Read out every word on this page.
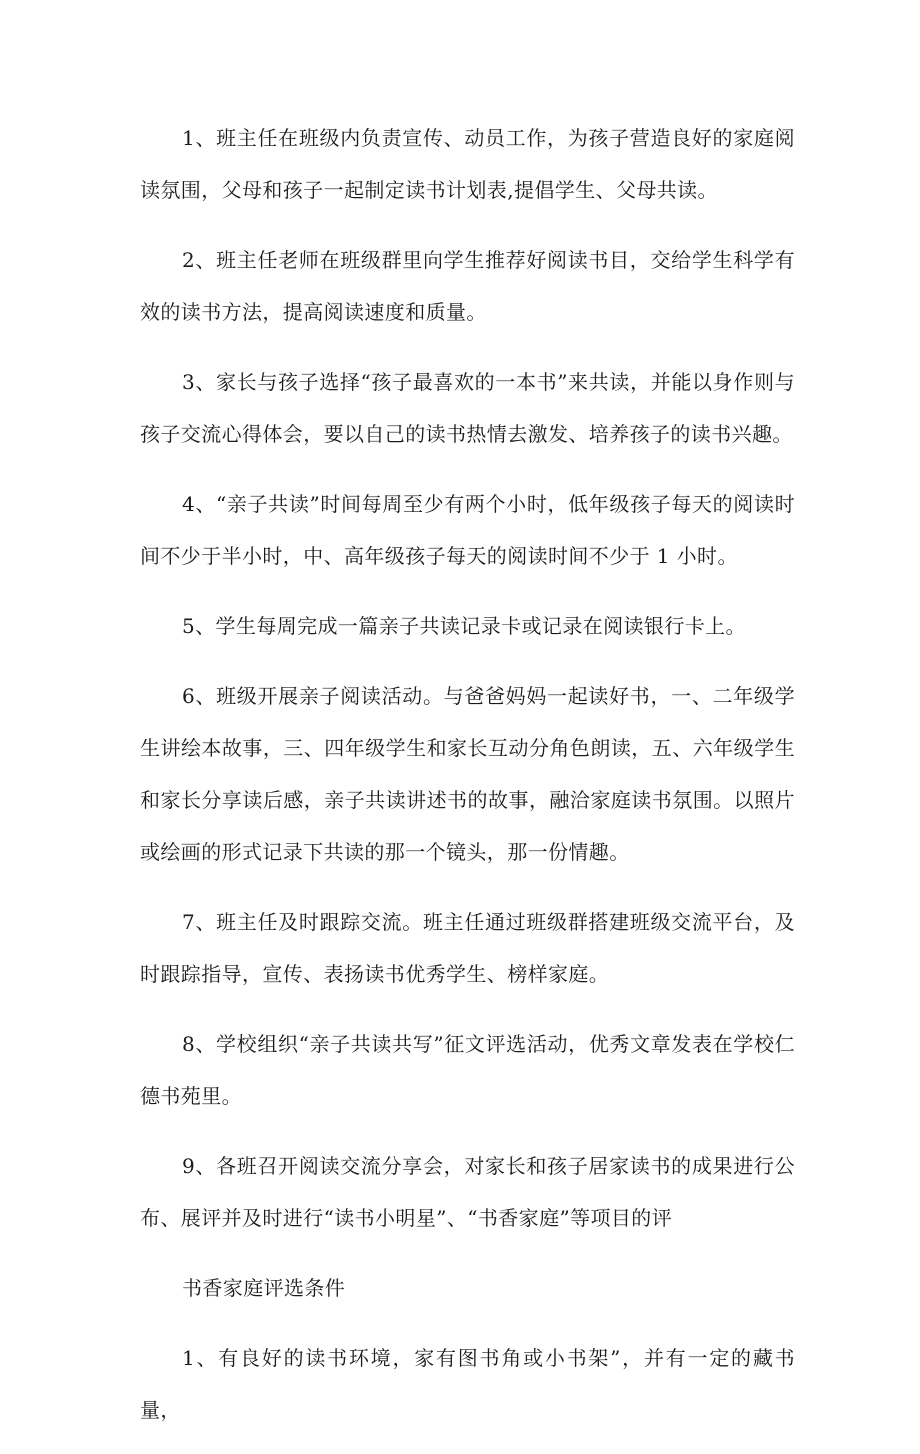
1、班主任在班级内负责宣传、动员工作，为孩子营造良好的家庭阅读氛围，父母和孩子一起制定读书计划表,提倡学生、父母共读。

2、班主任老师在班级群里向学生推荐好阅读书目，交给学生科学有效的读书方法，提高阅读速度和质量。

3、家长与孩子选择“孩子最喜欢的一本书”来共读，并能以身作则与孩子交流心得体会，要以自己的读书热情去激发、培养孩子的读书兴趣。

4、“亲子共读”时间每周至少有两个小时，低年级孩子每天的阅读时间不少于半小时，中、高年级孩子每天的阅读时间不少于 1 小时。

5、学生每周完成一篇亲子共读记录卡或记录在阅读银行卡上。

6、班级开展亲子阅读活动。与爸爸妈妈一起读好书，一、二年级学生讲绘本故事，三、四年级学生和家长互动分角色朗读，五、六年级学生和家长分享读后感，亲子共读讲述书的故事，融洽家庭读书氛围。以照片或绘画的形式记录下共读的那一个镜头，那一份情趣。

7、班主任及时跟踪交流。班主任通过班级群搭建班级交流平台，及时跟踪指导，宣传、表扬读书优秀学生、榜样家庭。

8、学校组织“亲子共读共写”征文评选活动，优秀文章发表在学校仁德书苑里。

9、各班召开阅读交流分享会，对家长和孩子居家读书的成果进行公布、展评并及时进行“读书小明星”、“书香家庭”等项目的评

书香家庭评选条件

1、有良好的读书环境，家有图书角或小书架”，并有一定的藏书量，
